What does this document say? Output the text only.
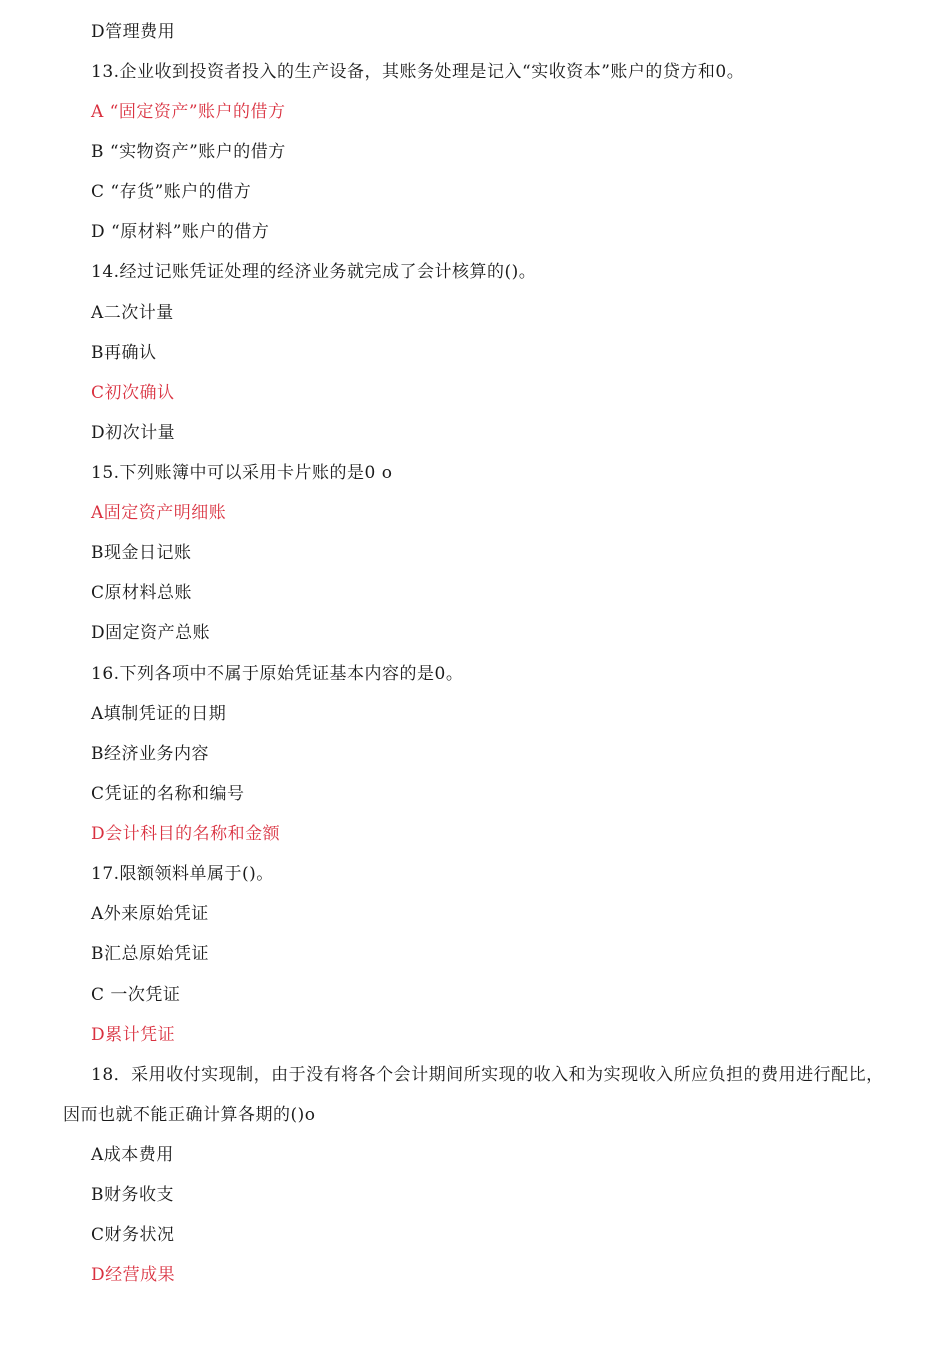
D管理费用

13.企业收到投资者投入的生产设备，其账务处理是记入“实收资本”账户的贷方和0。

A “固定资产”账户的借方

B “实物资产”账户的借方

C “存货”账户的借方

D “原材料”账户的借方

14.经过记账凭证处理的经济业务就完成了会计核算的()。

A二次计量

B再确认

C初次确认

D初次计量

15.下列账簿中可以采用卡片账的是0 o

A固定资产明细账

B现金日记账

C原材料总账

D固定资产总账

16.下列各项中不属于原始凭证基本内容的是0。

A填制凭证的日期

B经济业务内容

C凭证的名称和编号

D会计科目的名称和金额

17.限额领料单属于()。

A外来原始凭证

B汇总原始凭证

C 一次凭证

D累计凭证

18．采用收付实现制，由于没有将各个会计期间所实现的收入和为实现收入所应负担的费用进行配比，

因而也就不能正确计算各期的()o

A成本费用

B财务收支

C财务状况

D经营成果
